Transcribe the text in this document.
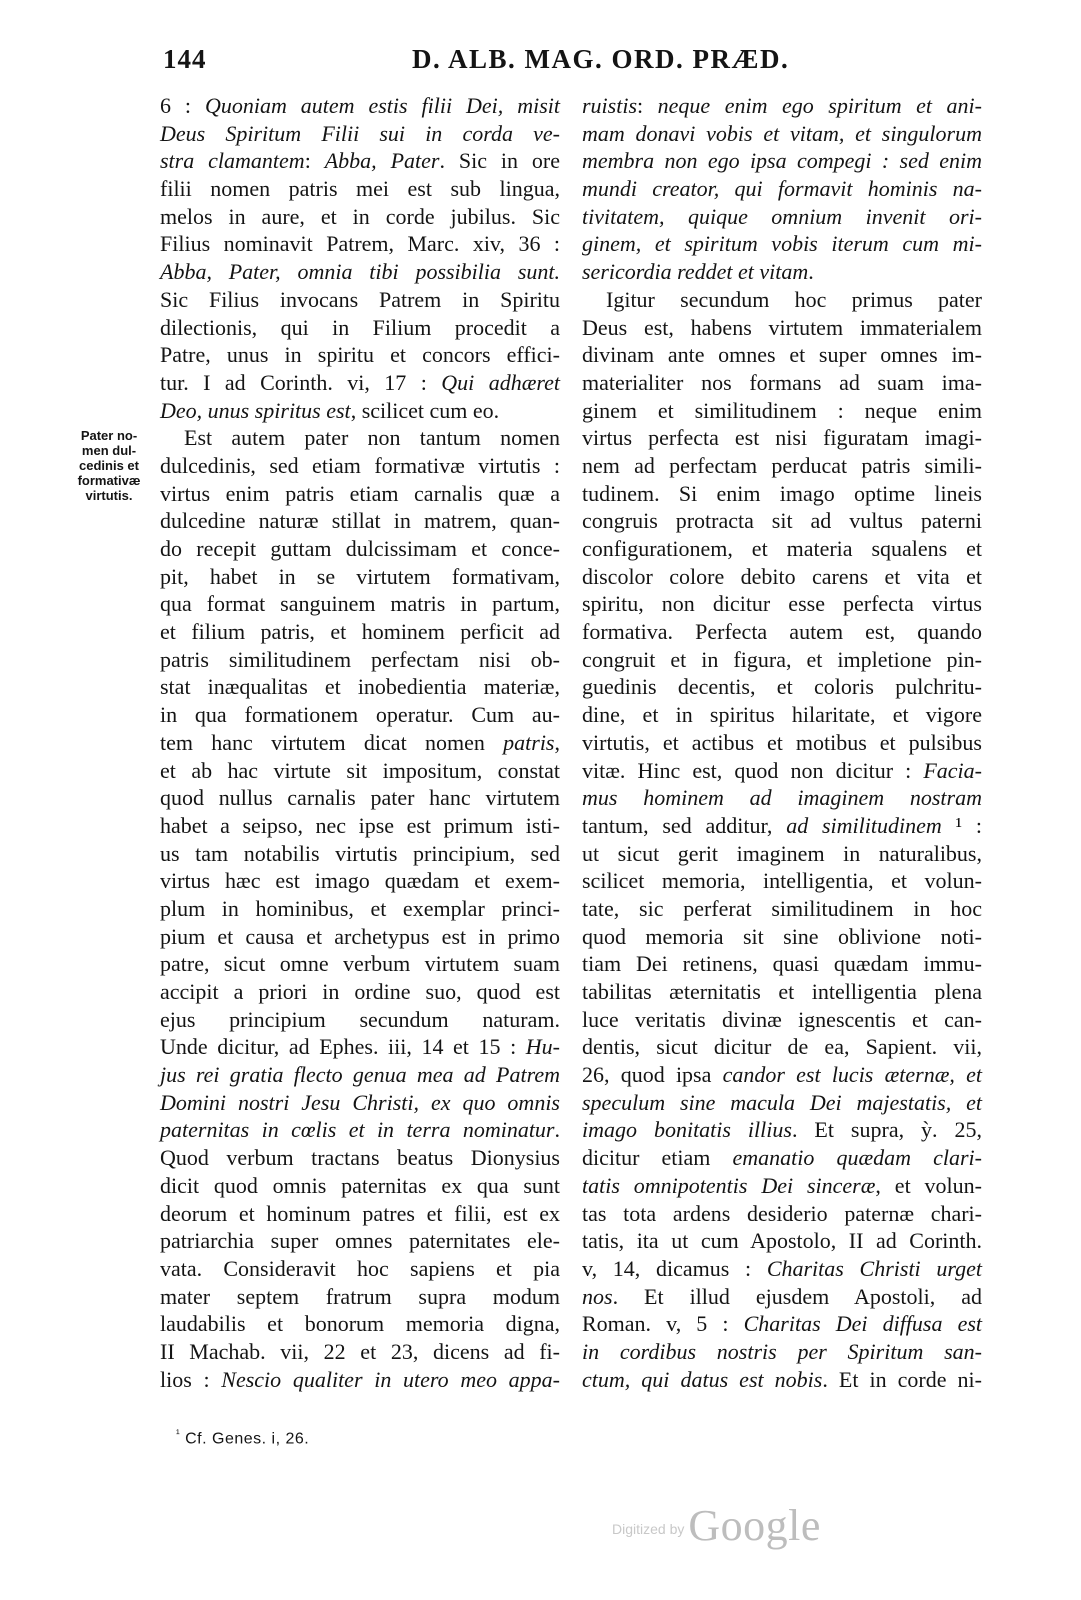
144	D. ALB. MAG. ORD. PRÆD.
Pater no-
men dul-
cedinis et
formativæ
virtutis.
6 : Quoniam autem estis filii Dei, misit
Deus Spiritum Filii sui in corda ve-
stra clamantem: Abba, Pater. Sic in ore
filii nomen patris mei est sub lingua,
melos in aure, et in corde jubilus. Sic
Filius nominavit Patrem, Marc. xiv, 36 :
Abba, Pater, omnia tibi possibilia sunt.
Sic Filius invocans Patrem in Spiritu
dilectionis, qui in Filium procedit a
Patre, unus in spiritu et concors effici-
tur. I ad Corinth. vi, 17 : Qui adhæret
Deo, unus spiritus est, scilicet cum eo.
Est autem pater non tantum nomen
dulcedinis, sed etiam formativæ virtutis :
virtus enim patris etiam carnalis quæ a
dulcedine naturæ stillat in matrem, quan-
do recepit guttam dulcissimam et conce-
pit, habet in se virtutem formativam,
qua format sanguinem matris in partum,
et filium patris, et hominem perficit ad
patris similitudinem perfectam nisi ob-
stat inæqualitas et inobedientia materiæ,
in qua formationem operatur. Cum au-
tem hanc virtutem dicat nomen patris,
et ab hac virtute sit impositum, constat
quod nullus carnalis pater hanc virtutem
habet a seipso, nec ipse est primum isti-
us tam notabilis virtutis principium, sed
virtus hæc est imago quædam et exem-
plum in hominibus, et exemplar princi-
pium et causa et archetypus est in primo
patre, sicut omne verbum virtutem suam
accipit a priori in ordine suo, quod est
ejus principium secundum naturam.
Unde dicitur, ad Ephes. iii, 14 et 15 : Hu-
jus rei gratia flecto genua mea ad Patrem
Domini nostri Jesu Christi, ex quo omnis
paternitas in cœlis et in terra nominatur.
Quod verbum tractans beatus Dionysius
dicit quod omnis paternitas ex qua sunt
deorum et hominum patres et filii, est ex
patriarchia super omnes paternitates ele-
vata. Consideravit hoc sapiens et pia
mater septem fratrum supra modum
laudabilis et bonorum memoria digna,
II Machab. vii, 22 et 23, dicens ad fi-
lios : Nescio qualiter in utero meo appa-
ruistis: neque enim ego spiritum et ani-
mam donavi vobis et vitam, et singulorum
membra non ego ipsa compegi : sed enim
mundi creator, qui formavit hominis na-
tivitatem, quique omnium invenit ori-
ginem, et spiritum vobis iterum cum mi-
sericordia reddet et vitam.
Igitur secundum hoc primus pater
Deus est, habens virtutem immaterialem
divinam ante omnes et super omnes im-
materialiter nos formans ad suam ima-
ginem et similitudinem : neque enim
virtus perfecta est nisi figuratam imagi-
nem ad perfectam perducat patris simili-
tudinem. Si enim imago optime lineis
congruis protracta sit ad vultus paterni
configurationem, et materia squalens et
discolor colore debito carens et vita et
spiritu, non dicitur esse perfecta virtus
formativa. Perfecta autem est, quando
congruit et in figura, et impletione pin-
guedinis decentis, et coloris pulchritu-
dine, et in spiritus hilaritate, et vigore
virtutis, et actibus et motibus et pulsibus
vitæ. Hinc est, quod non dicitur : Facia-
mus hominem ad imaginem nostram
tantum, sed additur, ad similitudinem ¹ :
ut sicut gerit imaginem in naturalibus,
scilicet memoria, intelligentia, et volun-
tate, sic perferat similitudinem in hoc
quod memoria sit sine oblivione noti-
tiam Dei retinens, quasi quædam immu-
tabilitas æternitatis et intelligentia plena
luce veritatis divinæ ignescentis et can-
dentis, sicut dicitur de ea, Sapient. vii,
26, quod ipsa candor est lucis æternæ, et
speculum sine macula Dei majestatis, et
imago bonitatis illius. Et supra, ỳ. 25,
dicitur etiam emanatio quædam clari-
tatis omnipotentis Dei sinceræ, et volun-
tas tota ardens desiderio paternæ chari-
tatis, ita ut cum Apostolo, II ad Corinth.
v, 14, dicamus : Charitas Christi urget
nos. Et illud ejusdem Apostoli, ad
Roman. v, 5 : Charitas Dei diffusa est
in cordibus nostris per Spiritum san-
ctum, qui datus est nobis. Et in corde ni-
$^{^1}$ Cf. Genes. i, 26.
Digitized by Google
